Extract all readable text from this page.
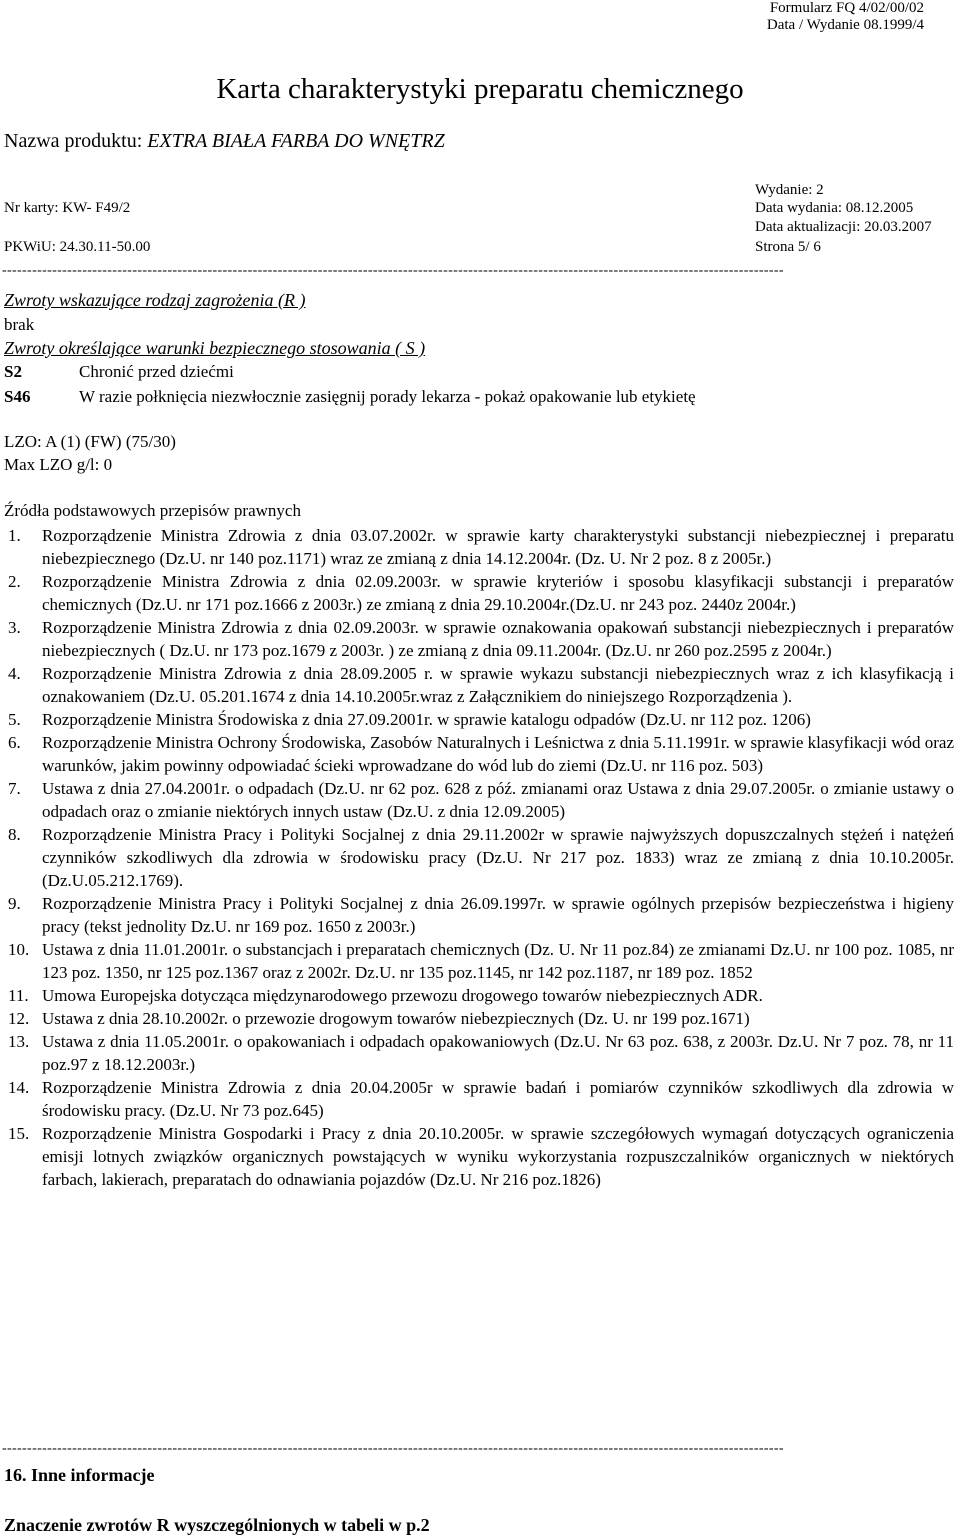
Formularz FQ 4/02/00/02
Data / Wydanie 08.1999/4
Karta charakterystyki preparatu chemicznego
Nazwa produktu: EXTRA BIAŁA FARBA DO WNĘTRZ
Wydanie: 2
Nr karty: KW- F49/2	Data wydania: 08.12.2005
Data aktualizacji: 20.03.2007
PKWiU: 24.30.11-50.00	Strona 5/ 6
------------------------------------------------------------------------------------------------------------------------------------------------------------
Zwroty wskazujące rodzaj zagrożenia (R )
brak
Zwroty określające warunki bezpiecznego stosowania ( S )
S2	Chronić przed dziećmi
S46	W razie połknięcia niezwłocznie zasięgnij porady lekarza - pokaż opakowanie lub etykietę
LZO: A (1) (FW) (75/30)
Max LZO g/l: 0
Źródła podstawowych przepisów prawnych
1. Rozporządzenie Ministra Zdrowia z dnia 03.07.2002r. w sprawie karty charakterystyki substancji niebezpiecznej i preparatu niebezpiecznego (Dz.U. nr 140 poz.1171) wraz ze zmianą z dnia 14.12.2004r. (Dz. U. Nr 2 poz. 8 z 2005r.)
2. Rozporządzenie Ministra Zdrowia z dnia 02.09.2003r. w sprawie kryteriów i sposobu klasyfikacji substancji i preparatów chemicznych (Dz.U. nr 171 poz.1666 z 2003r.) ze zmianą z dnia 29.10.2004r.(Dz.U. nr 243 poz. 2440z 2004r.)
3. Rozporządzenie Ministra Zdrowia z dnia 02.09.2003r. w sprawie oznakowania opakowań substancji niebezpiecznych i preparatów niebezpiecznych ( Dz.U. nr 173 poz.1679 z 2003r. ) ze zmianą z dnia 09.11.2004r. (Dz.U. nr 260 poz.2595 z 2004r.)
4. Rozporządzenie Ministra Zdrowia z dnia 28.09.2005 r. w sprawie wykazu substancji niebezpiecznych wraz z ich klasyfikacją i oznakowaniem (Dz.U. 05.201.1674 z dnia 14.10.2005r.wraz z Załącznikiem do niniejszego Rozporządzenia ).
5. Rozporządzenie Ministra Środowiska z dnia 27.09.2001r. w sprawie katalogu odpadów (Dz.U. nr 112 poz. 1206)
6. Rozporządzenie Ministra Ochrony Środowiska, Zasobów Naturalnych i Leśnictwa z dnia 5.11.1991r. w sprawie klasyfikacji wód oraz warunków, jakim powinny odpowiadać ścieki wprowadzane do wód lub do ziemi (Dz.U. nr 116 poz. 503)
7. Ustawa z dnia 27.04.2001r. o odpadach (Dz.U. nr 62 poz. 628 z póź. zmianami oraz Ustawa z dnia 29.07.2005r. o zmianie ustawy o odpadach oraz o zmianie niektórych innych ustaw (Dz.U. z dnia 12.09.2005)
8. Rozporządzenie Ministra Pracy i Polityki Socjalnej z dnia 29.11.2002r w sprawie najwyższych dopuszczalnych stężeń i natężeń czynników szkodliwych dla zdrowia w środowisku pracy (Dz.U. Nr 217 poz. 1833) wraz ze zmianą z dnia 10.10.2005r. (Dz.U.05.212.1769).
9. Rozporządzenie Ministra Pracy i Polityki Socjalnej z dnia 26.09.1997r. w sprawie ogólnych przepisów bezpieczeństwa i higieny pracy (tekst jednolity Dz.U. nr 169 poz. 1650 z 2003r.)
10. Ustawa z dnia 11.01.2001r. o substancjach i preparatach chemicznych (Dz. U. Nr 11 poz.84) ze zmianami Dz.U. nr 100 poz. 1085, nr 123 poz. 1350, nr 125 poz.1367 oraz z 2002r. Dz.U. nr 135 poz.1145, nr 142 poz.1187, nr 189 poz. 1852
11. Umowa Europejska dotycząca międzynarodowego przewozu drogowego towarów niebezpiecznych ADR.
12. Ustawa z dnia 28.10.2002r. o przewozie drogowym towarów niebezpiecznych (Dz. U. nr 199 poz.1671)
13. Ustawa z dnia 11.05.2001r. o opakowaniach i odpadach opakowaniowych (Dz.U. Nr 63 poz. 638, z 2003r. Dz.U. Nr 7 poz. 78, nr 11 poz.97 z 18.12.2003r.)
14. Rozporządzenie Ministra Zdrowia z dnia 20.04.2005r w sprawie badań i pomiarów czynników szkodliwych dla zdrowia w środowisku pracy. (Dz.U. Nr 73 poz.645)
15. Rozporządzenie Ministra Gospodarki i Pracy z dnia 20.10.2005r. w sprawie szczegółowych wymagań dotyczących ograniczenia emisji lotnych związków organicznych powstających w wyniku wykorzystania rozpuszczalników organicznych w niektórych farbach, lakierach, preparatach do odnawiania pojazdów (Dz.U. Nr 216 poz.1826)
------------------------------------------------------------------------------------------------------------------------------------------------------------
16. Inne informacje
Znaczenie zwrotów R wyszczególnionych w tabeli w p.2
